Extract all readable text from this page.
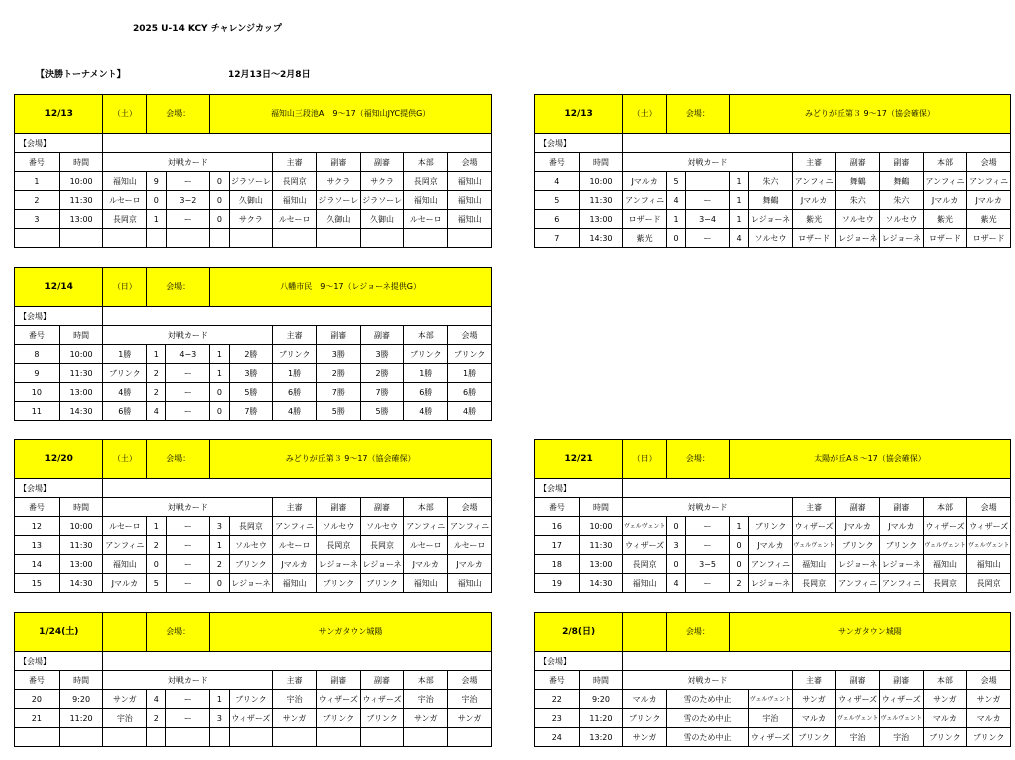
2025 U-14 KCY チャレンジカップ
【決勝トーナメント】	12月13日〜2月8日
12/13		（土）	会場：		福知山三段池A　9〜17（福知山JYC提供G）						
【会場】											
番号	時間	対戦カード					主審	副審	副審	本部	会場
1	10:00	福知山	9	ー	0	ジラソーレ	長岡京	サクラ	サクラ	長岡京	福知山
2	11:30	ルセーロ	0	3−2	0	久御山	福知山	ジラソーレ	ジラソーレ	福知山	福知山
3	13:00	長岡京	1	ー	0	サクラ	ルセーロ	久御山	久御山	ルセーロ	福知山

12/13		（土）	会場：		みどりが丘第３ 9〜17（協会確保）						
【会場】											
番号	時間	対戦カード					主審	副審	副審	本部	会場
4	10:00	Jマルカ	5		1	朱六	アンフィニ	舞鶴	舞鶴	アンフィニ	アンフィニ
5	11:30	アンフィニ	4	ー	1	舞鶴	Jマルカ	朱六	朱六	Jマルカ	Jマルカ
6	13:00	ロザード	1	3−4	1	レジョーネ	紫光	ソルセウ	ソルセウ	紫光	紫光
7	14:30	紫光	0	ー	4	ソルセウ	ロザード	レジョーネ	レジョーネ	ロザード	ロザード
12/14		（日）	会場：		八幡市民　9〜17（レジョーネ提供G）						
【会場】											
番号	時間	対戦カード					主審	副審	副審	本部	会場
8	10:00	1勝	1	4−3	1	2勝	ブリンク	3勝	3勝	ブリンク	ブリンク
9	11:30	ブリンク	2	ー	1	3勝	1勝	2勝	2勝	1勝	1勝
10	13:00	4勝	2	ー	0	5勝	6勝	7勝	7勝	6勝	6勝
11	14:30	6勝	4	ー	0	7勝	4勝	5勝	5勝	4勝	4勝
12/20		（土）	会場：		みどりが丘第３ 9〜17（協会確保）						
【会場】											
番号	時間	対戦カード					主審	副審	副審	本部	会場
12	10:00	ルセーロ	1	ー	3	長岡京	アンフィニ	ソルセウ	ソルセウ	アンフィニ	アンフィニ
13	11:30	アンフィニ	2	ー	1	ソルセウ	ルセーロ	長岡京	長岡京	ルセーロ	ルセーロ
14	13:00	福知山	0	ー	2	ブリンク	Jマルカ	レジョーネ	レジョーネ	Jマルカ	Jマルカ
15	14:30	Jマルカ	5	ー	0	レジョーネ	福知山	ブリンク	ブリンク	福知山	福知山
12/21		（日）	会場：		太陽が丘A８〜17（協会確保）						
【会場】											
番号	時間	対戦カード					主審	副審	副審	本部	会場
16	10:00	ヴェルヴェント	0	ー	1	ブリンク	ウィザーズ	Jマルカ	Jマルカ	ウィザーズ	ウィザーズ
17	11:30	ウィザーズ	3	ー	0	Jマルカ	ヴェルヴェント	ブリンク	ブリンク	ヴェルヴェント	ヴェルヴェント
18	13:00	長岡京	0	3−5	0	アンフィニ	福知山	レジョーネ	レジョーネ	福知山	福知山
19	14:30	福知山	4	ー	2	レジョーネ	長岡京	アンフィニ	アンフィニ	長岡京	長岡京
1/24(土)			会場：		サンガタウン城陽						
【会場】											
番号	時間	対戦カード					主審	副審	副審	本部	会場
20	9:20	サンガ	4	ー	1	ブリンク	宇治	ウィザーズ	ウィザーズ	宇治	宇治
21	11:20	宇治	2	ー	3	ウィザーズ	サンガ	ブリンク	ブリンク	サンガ	サンガ

2/8(日)			会場：	サンガタウン城陽						
【会場】										
番号	時間	対戦カード				主審	副審	副審	本部	会場
22	9:20	マルカ	雪のため中止		ヴェルヴェント	サンガ	ウィザーズ	ウィザーズ	サンガ	サンガ
23	11:20	ブリンク	雪のため中止		宇治	マルカ	ヴェルヴェント	ヴェルヴェント	マルカ	マルカ
24	13:20	サンガ	雪のため中止		ウィザーズ	ブリンク	宇治	宇治	ブリンク	ブリンク
